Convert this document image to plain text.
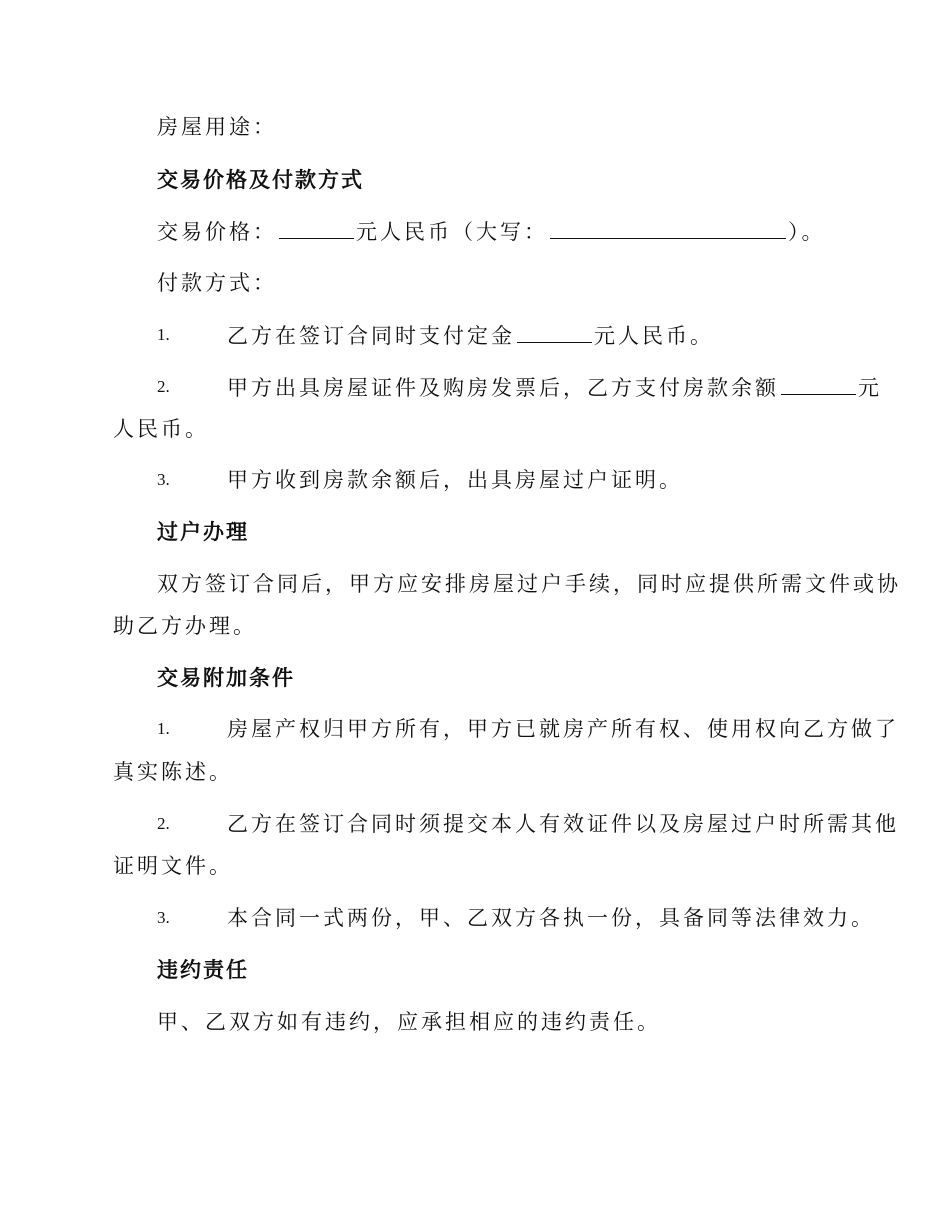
房屋用途：
交易价格及付款方式
交易价格：	元人民币（大写：	）。
付款方式：
1.	乙方在签订合同时支付定金	元人民币。
2.	甲方出具房屋证件及购房发票后，乙方支付房款余额	元
人民币。
3.	甲方收到房款余额后，出具房屋过户证明。
过户办理
双方签订合同后，甲方应安排房屋过户手续，同时应提供所需文件或协
助乙方办理。
交易附加条件
1.	房屋产权归甲方所有，甲方已就房产所有权、使用权向乙方做了
真实陈述。
2.	乙方在签订合同时须提交本人有效证件以及房屋过户时所需其他
证明文件。
3.	本合同一式两份，甲、乙双方各执一份，具备同等法律效力。
违约责任
甲、乙双方如有违约，应承担相应的违约责任。
